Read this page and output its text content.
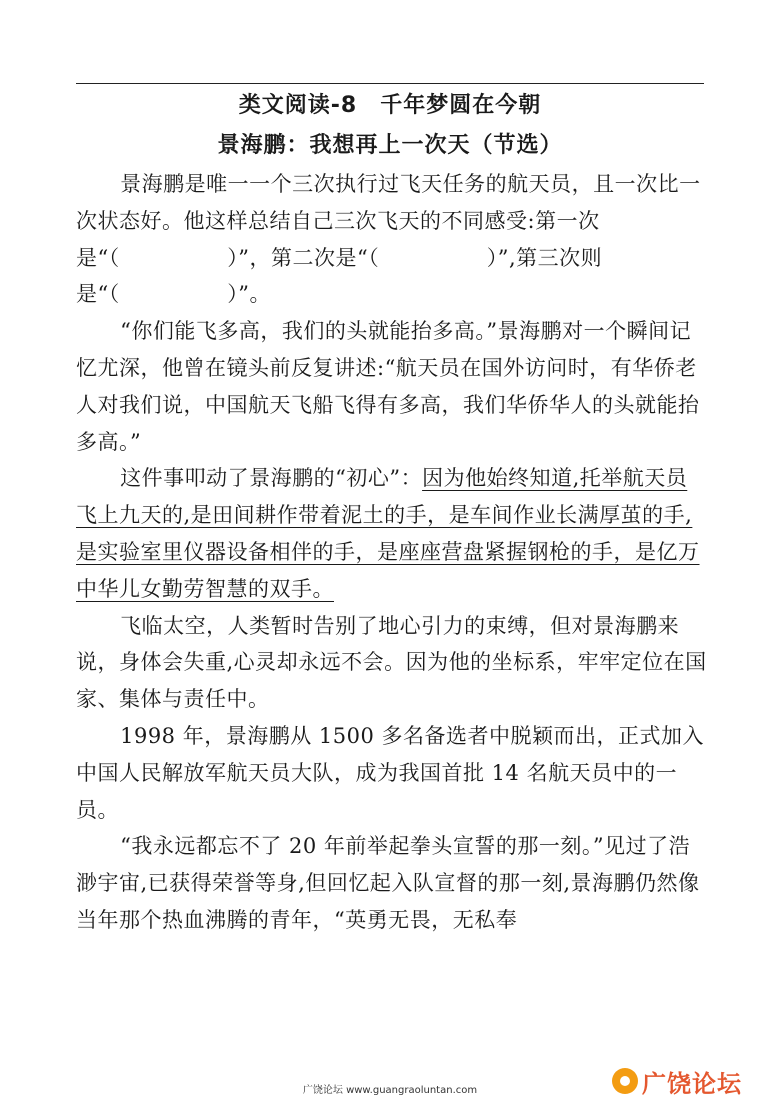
类文阅读-8　千年梦圆在今朝
景海鹏：我想再上一次天（节选）

景海鹏是唯一一个三次执行过飞天任务的航天员，且一次比一次状态好。他这样总结自己三次飞天的不同感受:第一次是“（　　　　　）”，第二次是“（　　　　　）”,第三次则是“（　　　　　）”。

“你们能飞多高，我们的头就能抬多高。”景海鹏对一个瞬间记忆尤深，他曾在镜头前反复讲述:“航天员在国外访问时，有华侨老人对我们说，中国航天飞船飞得有多高，我们华侨华人的头就能抬多高。”

这件事叩动了景海鹏的“初心”：因为他始终知道,托举航天员飞上九天的,是田间耕作带着泥土的手，是车间作业长满厚茧的手,是实验室里仪器设备相伴的手，是座座营盘紧握钢枪的手，是亿万中华儿女勤劳智慧的双手。

飞临太空，人类暂时告别了地心引力的束缚，但对景海鹏来说，身体会失重,心灵却永远不会。因为他的坐标系，牢牢定位在国家、集体与责任中。

1998 年，景海鹏从 1500 多名备选者中脱颖而出，正式加入中国人民解放军航天员大队，成为我国首批 14 名航天员中的一员。

“我永远都忘不了 20 年前举起拳头宣誓的那一刻。”见过了浩渺宇宙,已获得荣誉等身,但回忆起入队宣督的那一刻,景海鹏仍然像当年那个热血沸腾的青年，“英勇无畏，无私奉

广饶论坛 www.guangraoluntan.com	广饶论坛
